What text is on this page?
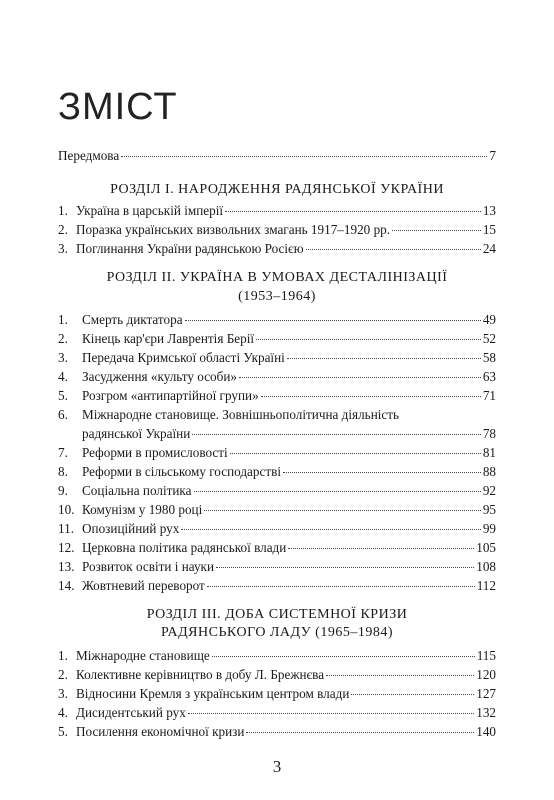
ЗМІСТ
Передмова	7
РОЗДІЛ І. НАРОДЖЕННЯ РАДЯНСЬКОЇ УКРАЇНИ
1. Україна в царській імперії	13
2. Поразка українських визвольних змагань 1917–1920 рр.	15
3. Поглинання України радянською Росією	24
РОЗДІЛ ІІ. УКРАЇНА В УМОВАХ ДЕСТАЛІНІЗАЦІЇ
(1953–1964)
1.	Смерть диктатора	49
2.	Кінець кар'єри Лаврентія Берії	52
3.	Передача Кримської області Україні	58
4.	Засудження «культу особи»	63
5.	Розгром «антипартійної групи»	71
6. Міжнародне становище. Зовнішньополітична діяльність
радянської України	78
7.	Реформи в промисловості	81
8.	Реформи в сільському господарстві	88
9.	Соціальна політика	92
10. Комунізм у 1980 році	95
11. Опозиційний рух	99
12. Церковна політика радянської влади	105
13. Розвиток освіти і науки	108
14. Жовтневий переворот	112
РОЗДІЛ ІІІ. ДОБА СИСТЕМНОЇ КРИЗИ
РАДЯНСЬКОГО ЛАДУ (1965–1984)
1. Міжнародне становище	115
2. Колективне керівництво в добу Л. Брежнєва	120
3. Відносини Кремля з українським центром влади	127
4. Дисидентський рух	132
5. Посилення економічної кризи	140
3
